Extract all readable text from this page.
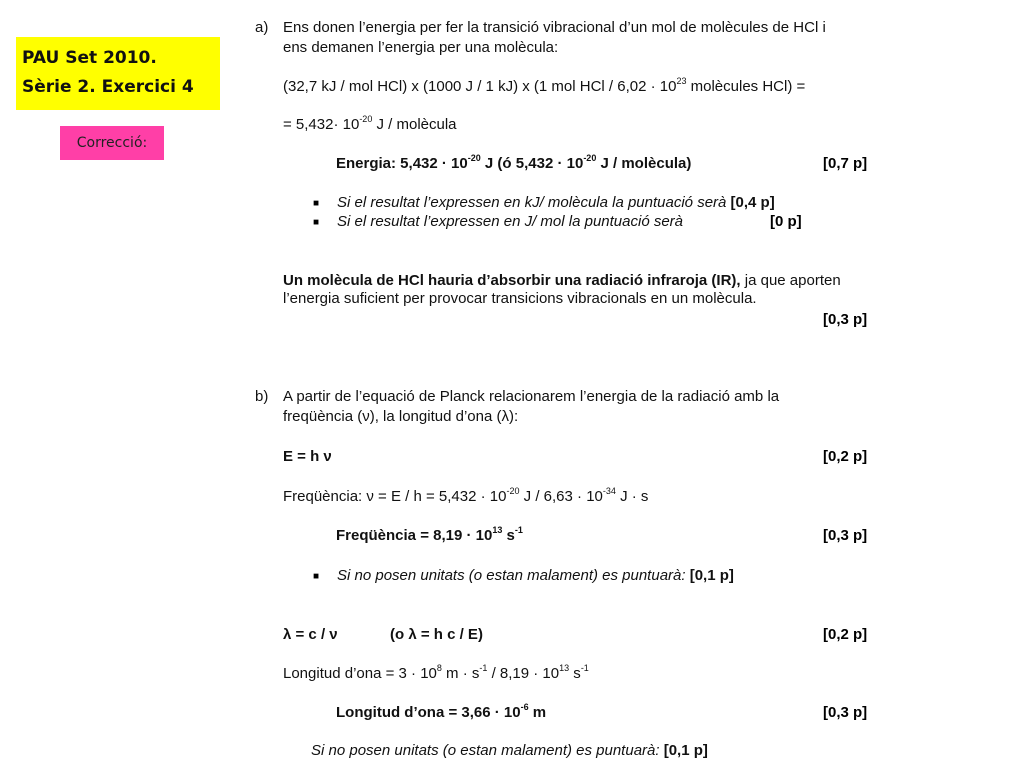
PAU Set 2010.
Sèrie 2. Exercici 4
Correcció:
a) Ens donen l’energia per fer la transició vibracional d’un mol de molècules de HCl i
ens demanen l’energia per una molècula:
(32,7 kJ / mol HCl) x (1000 J / 1 kJ) x (1 mol HCl / $6,02 \cdot 10^{23}$ molècules HCl) =
= $5,432\cdot 10^{-20}$ J / molècula
Energia: $5,432 \cdot 10^{-20}$ J (ó $5,432 \cdot 10^{-20}$ J / molècula)	[0,7 p]
■ Si el resultat l’expressen en kJ/ molècula la puntuació serà [0,4 p]
■ Si el resultat l’expressen en J/ mol la puntuació serà	[0 p]
Un molècula de HCl hauria d’absorbir una radiació infraroja (IR), ja que aporten
l’energia suficient per provocar transicions vibracionals en un molècula.
[0,3 p]
b) A partir de l’equació de Planck relacionarem l’energia de la radiació amb la
freqüència (ν), la longitud d’ona (λ):
E = h ν	[0,2 p]
Freqüència: $\nu = E / h = 5,432 \cdot 10^{-20}$ $J / 6,63 \cdot 10^{-34}$ J · s
Freqüència = $8,19 \cdot 10^{13}$ $s^{-1}$	[0,3 p]
■ Si no posen unitats (o estan malament) es puntuarà: [0,1 p]
λ = c / ν	(o λ = h c / E)	[0,2 p]
Longitud d’ona = $3 \cdot 10^8$ $m \cdot s^{-1} / 8,19 \cdot 10^{13}$ $s^{-1}$
Longitud d’ona = $3,66 \cdot 10^{-6}$ m	[0,3 p]
Si no posen unitats (o estan malament) es puntuarà: [0,1 p]
